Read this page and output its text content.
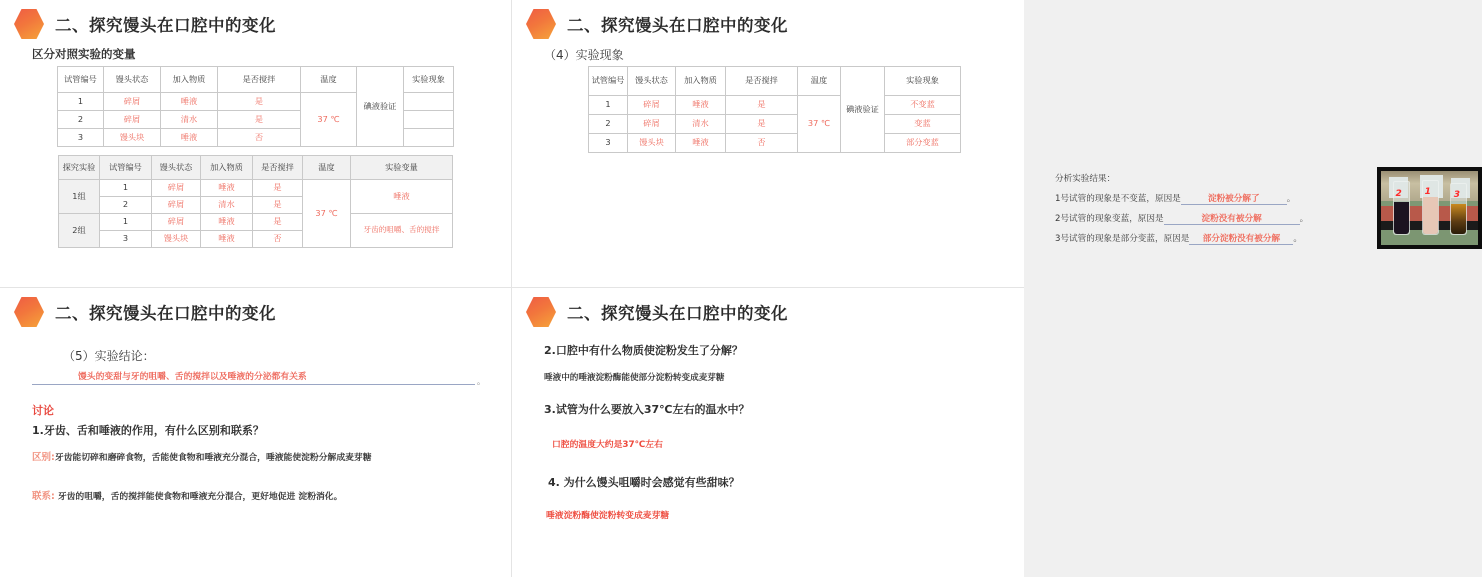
二、探究馒头在口腔中的变化
区分对照实验的变量
试管编号	馒头状态	加入物质	是否搅拌	温度	碘液验证	实验现象
1	碎屑	唾液	是	37 ℃		
2	碎屑	清水	是			
3	馒头块	唾液	否			
探究实验	试管编号	馒头状态	加入物质	是否搅拌	温度	实验变量
1组	1	碎屑	唾液	是	37 ℃	唾液
	2	碎屑	清水	是		
2组	1	碎屑	唾液	是		牙齿的咀嚼、舌的搅拌
	3	馒头块	唾液	否		
二、探究馒头在口腔中的变化
（4）实验现象
试管编号	馒头状态	加入物质	是否搅拌	温度	碘液验证	实验现象
1	碎屑	唾液	是	37 ℃		不变蓝
2	碎屑	清水	是			变蓝
3	馒头块	唾液	否			部分变蓝
分析实验结果：
1号试管的现象是不变蓝，原因是	淀粉被分解了	。
2号试管的现象变蓝，原因是	淀粉没有被分解	。
3号试管的现象是部分变蓝，原因是 部分淀粉没有被分解 。
2	1	3
二、探究馒头在口腔中的变化
（5）实验结论：
馒头的变甜与牙的咀嚼、舌的搅拌以及唾液的分泌都有关系	。
讨论
1.牙齿、舌和唾液的作用，有什么区别和联系？
区别:牙齿能切碎和磨碎食物，舌能使食物和唾液充分混合，唾液能使淀粉分解成麦芽糖
联系: 牙齿的咀嚼，舌的搅拌能使食物和唾液充分混合，更好地促进 淀粉消化。
二、探究馒头在口腔中的变化
2.口腔中有什么物质使淀粉发生了分解？
唾液中的唾液淀粉酶能使部分淀粉转变成麦芽糖
3.试管为什么要放入37℃左右的温水中？
口腔的温度大约是37℃左右
4. 为什么馒头咀嚼时会感觉有些甜味？
唾液淀粉酶使淀粉转变成麦芽糖
